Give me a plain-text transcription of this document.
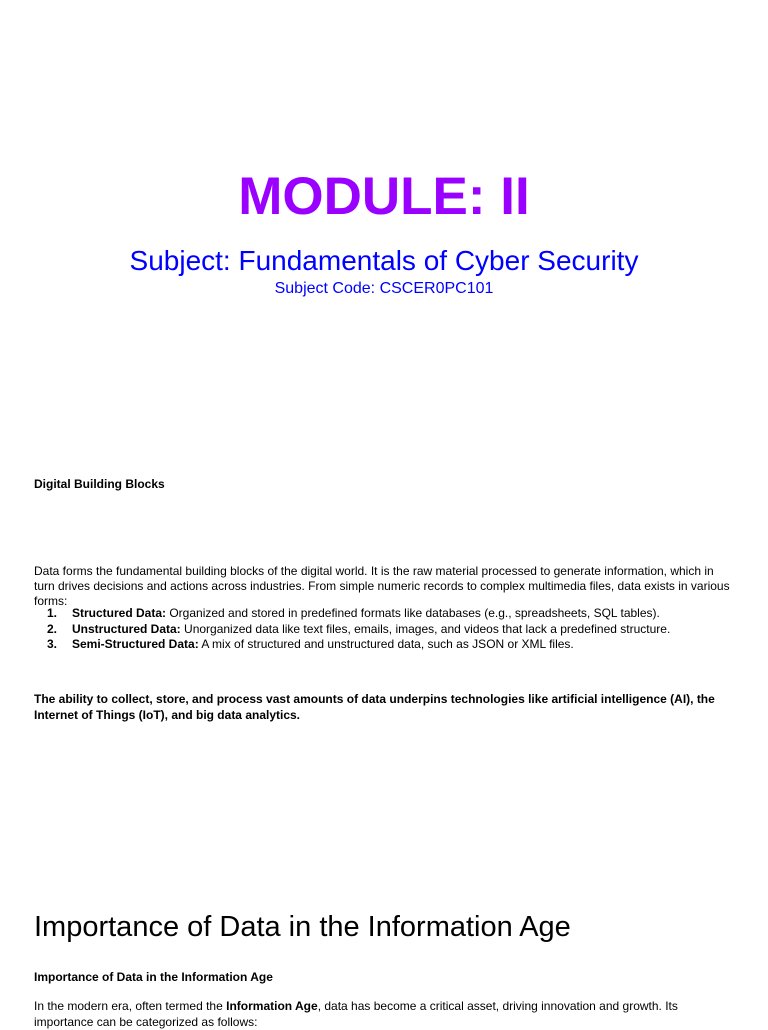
MODULE: II
Subject: Fundamentals of Cyber Security
Subject Code: CSCER0PC101
Digital Building Blocks

Data forms the fundamental building blocks of the digital world. It is the raw material processed to generate information, which in turn drives decisions and actions across industries. From simple numeric records to complex multimedia files, data exists in various forms:

1. Structured Data: Organized and stored in predefined formats like databases (e.g., spreadsheets, SQL tables).
2. Unstructured Data: Unorganized data like text files, emails, images, and videos that lack a predefined structure.
3. Semi-Structured Data: A mix of structured and unstructured data, such as JSON or XML files.

The ability to collect, store, and process vast amounts of data underpins technologies like artificial intelligence (AI), the Internet of Things (IoT), and big data analytics.

Importance of Data in the Information Age
Importance of Data in the Information Age

In the modern era, often termed the Information Age, data has become a critical asset, driving innovation and growth. Its importance can be categorized as follows:
